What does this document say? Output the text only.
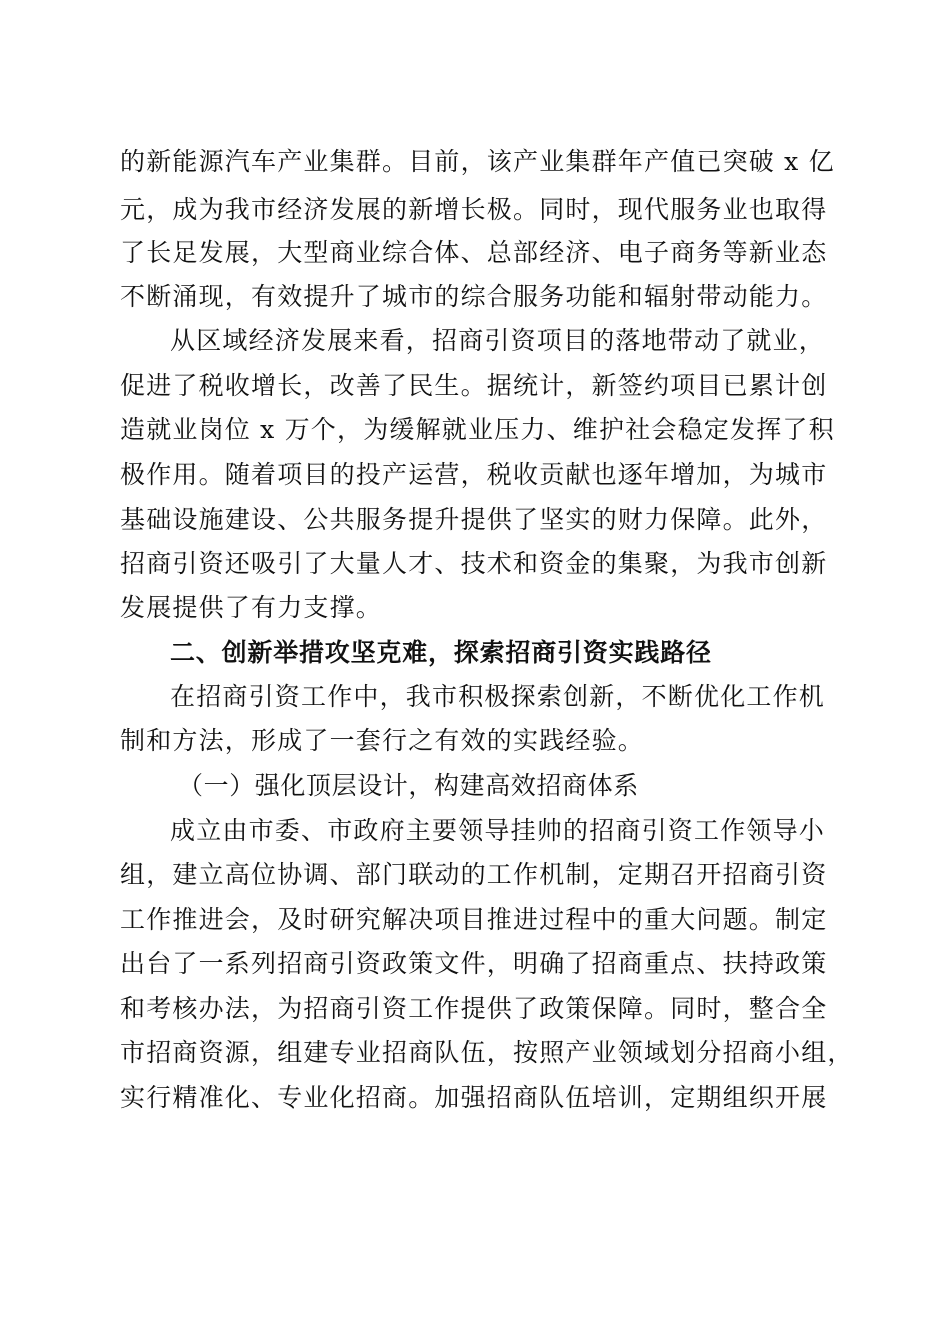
的新能源汽车产业集群。目前，该产业集群年产值已突破 x 亿
元，成为我市经济发展的新增长极。同时，现代服务业也取得
了长足发展，大型商业综合体、总部经济、电子商务等新业态
不断涌现，有效提升了城市的综合服务功能和辐射带动能力。
从区域经济发展来看，招商引资项目的落地带动了就业，
促进了税收增长，改善了民生。据统计，新签约项目已累计创
造就业岗位 x 万个，为缓解就业压力、维护社会稳定发挥了积
极作用。随着项目的投产运营，税收贡献也逐年增加，为城市
基础设施建设、公共服务提升提供了坚实的财力保障。此外，
招商引资还吸引了大量人才、技术和资金的集聚，为我市创新
发展提供了有力支撑。
二、创新举措攻坚克难，探索招商引资实践路径
在招商引资工作中，我市积极探索创新，不断优化工作机
制和方法，形成了一套行之有效的实践经验。
（一）强化顶层设计，构建高效招商体系
成立由市委、市政府主要领导挂帅的招商引资工作领导小
组，建立高位协调、部门联动的工作机制，定期召开招商引资
工作推进会，及时研究解决项目推进过程中的重大问题。制定
出台了一系列招商引资政策文件，明确了招商重点、扶持政策
和考核办法，为招商引资工作提供了政策保障。同时，整合全
市招商资源，组建专业招商队伍，按照产业领域划分招商小组，
实行精准化、专业化招商。加强招商队伍培训，定期组织开展
